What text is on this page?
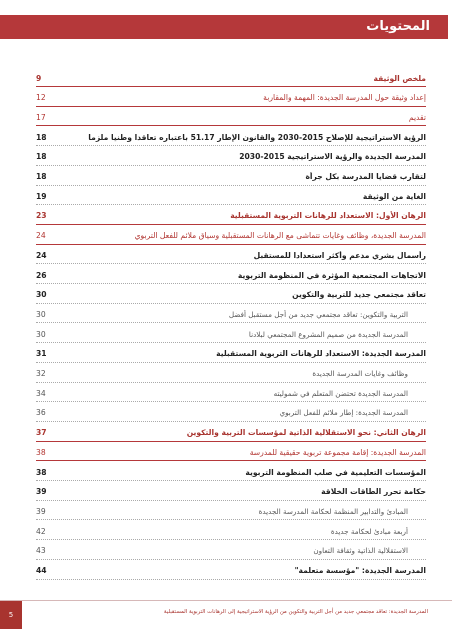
المحتويات
ملخص الوثيقة
9
إعداد وثيقة حول المدرسة الجديدة: المهمة والمقاربة
12
تقديم
17
الرؤية الاستراتيجية للإصلاح 2015-2030 والقانون الإطار 51.17 باعتباره تعاقدا وطنيا ملزما
18
المدرسة الجديدة والرؤية الاستراتيجية 2015-2030
18
لتقارب قضايا المدرسة بكل جرأة
18
الغاية من الوثيقة
19
الرهان الأول: الاستعداد للرهانات التربوية المستقبلية
23
المدرسة الجديدة، وظائف وغايات تتماشى مع الرهانات المستقبلية وسياق ملائم للفعل التربوي
24
رأسمال بشري مدعم وأكثر استعدادا للمستقبل
24
الاتجاهات المجتمعية المؤثرة في المنظومة التربوية
26
تعاقد مجتمعي جديد للتربية والتكوين
30
التربية والتكوين: تعاقد مجتمعي جديد من أجل مستقبل أفضل
30
المدرسة الجديدة من صميم المشروع المجتمعي لبلادنا
30
المدرسة الجديدة: الاستعداد للرهانات التربوية المستقبلية
31
وظائف وغايات المدرسة الجديدة
32
المدرسة الجديدة تحتضن المتعلم في شموليته
34
المدرسة الجديدة: إطار ملائم للفعل التربوي
36
الرهان الثاني: نحو الاستقلالية الذاتية لمؤسسات التربية والتكوين
37
المدرسة الجديدة: إقامة مجموعة تربوية حقيقية للمدرسة
38
المؤسسات التعليمية في صلب المنظومة التربوية
38
حكامة تحرر الطاقات الخلاقة
39
المبادئ والتدابير المنظمة لحكامة المدرسة الجديدة
39
أربعة مبادئ لحكامة جديدة
42
الاستقلالية الذاتية وثقافة التعاون
43
المدرسة الجديدة: "مؤسسة متعلمة"
44
المدرسة الجديدة: تعاقد مجتمعي جديد من أجل التربية والتكوين من الرؤية الاستراتيجية إلى الرهانات التربوية المستقبلية
5
